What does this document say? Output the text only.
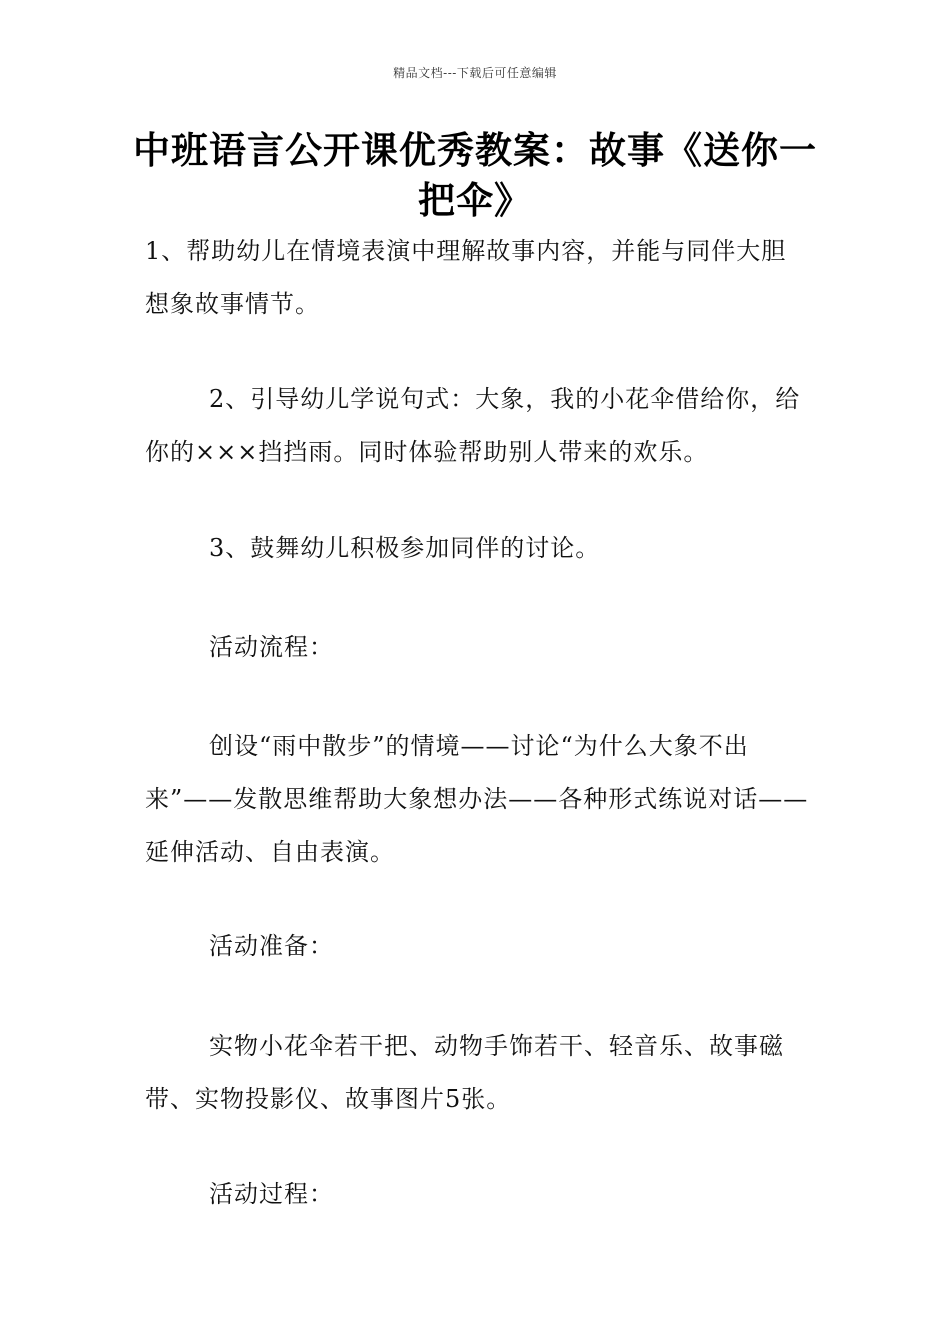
精品文档---下载后可任意编辑
中班语言公开课优秀教案：故事《送你一把伞》

1、帮助幼儿在情境表演中理解故事内容，并能与同伴大胆想象故事情节。

2、引导幼儿学说句式：大象，我的小花伞借给你，给你的×××挡挡雨。同时体验帮助别人带来的欢乐。

3、鼓舞幼儿积极参加同伴的讨论。

活动流程：

创设“雨中散步”的情境——讨论“为什么大象不出来”——发散思维帮助大象想办法——各种形式练说对话——延伸活动、自由表演。

活动准备：

实物小花伞若干把、动物手饰若干、轻音乐、故事磁带、实物投影仪、故事图片5张。

活动过程：
